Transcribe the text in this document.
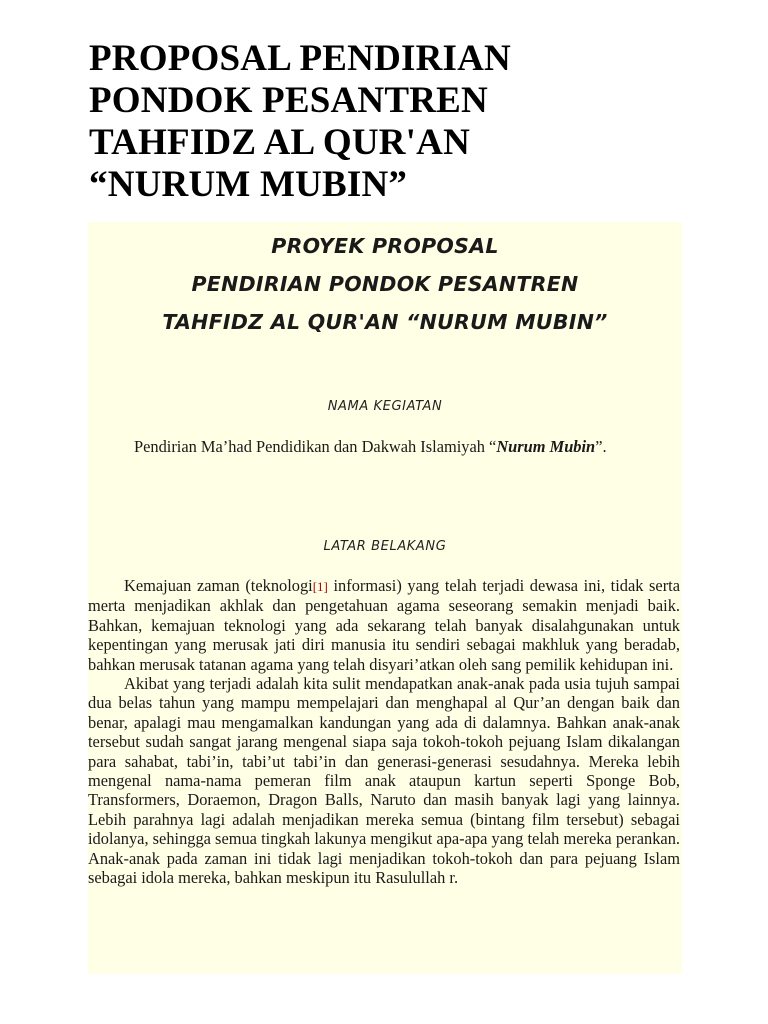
PROPOSAL PENDIRIAN
PONDOK PESANTREN
TAHFIDZ AL QUR'AN
“NURUM MUBIN”
PROYEK PROPOSAL
PENDIRIAN PONDOK PESANTREN
TAHFIDZ AL QUR'AN “NURUM MUBIN”
NAMA KEGIATAN

Pendirian Ma’had Pendidikan dan Dakwah Islamiyah “Nurum Mubin”.

LATAR BELAKANG

Kemajuan zaman (teknologi[1] informasi) yang telah terjadi dewasa ini, tidak serta merta menjadikan akhlak dan pengetahuan agama seseorang semakin menjadi baik. Bahkan, kemajuan teknologi yang ada sekarang telah banyak disalahgunakan untuk kepentingan yang merusak jati diri manusia itu sendiri sebagai makhluk yang beradab, bahkan merusak tatanan agama yang telah disyari’atkan oleh sang pemilik kehidupan ini.

Akibat yang terjadi adalah kita sulit mendapatkan anak-anak pada usia tujuh sampai dua belas tahun yang mampu mempelajari dan menghapal al Qur’an dengan baik dan benar, apalagi mau mengamalkan kandungan yang ada di dalamnya. Bahkan anak-anak tersebut sudah sangat jarang mengenal siapa saja tokoh-tokoh pejuang Islam dikalangan para sahabat, tabi’in, tabi’ut tabi’in dan generasi-generasi sesudahnya. Mereka lebih mengenal nama-nama pemeran film anak ataupun kartun seperti Sponge Bob, Transformers, Doraemon, Dragon Balls, Naruto dan masih banyak lagi yang lainnya. Lebih parahnya lagi adalah menjadikan mereka semua (bintang film tersebut) sebagai idolanya, sehingga semua tingkah lakunya mengikut apa-apa yang telah mereka perankan. Anak-anak pada zaman ini tidak lagi menjadikan tokoh-tokoh dan para pejuang Islam sebagai idola mereka, bahkan meskipun itu Rasulullah r.
